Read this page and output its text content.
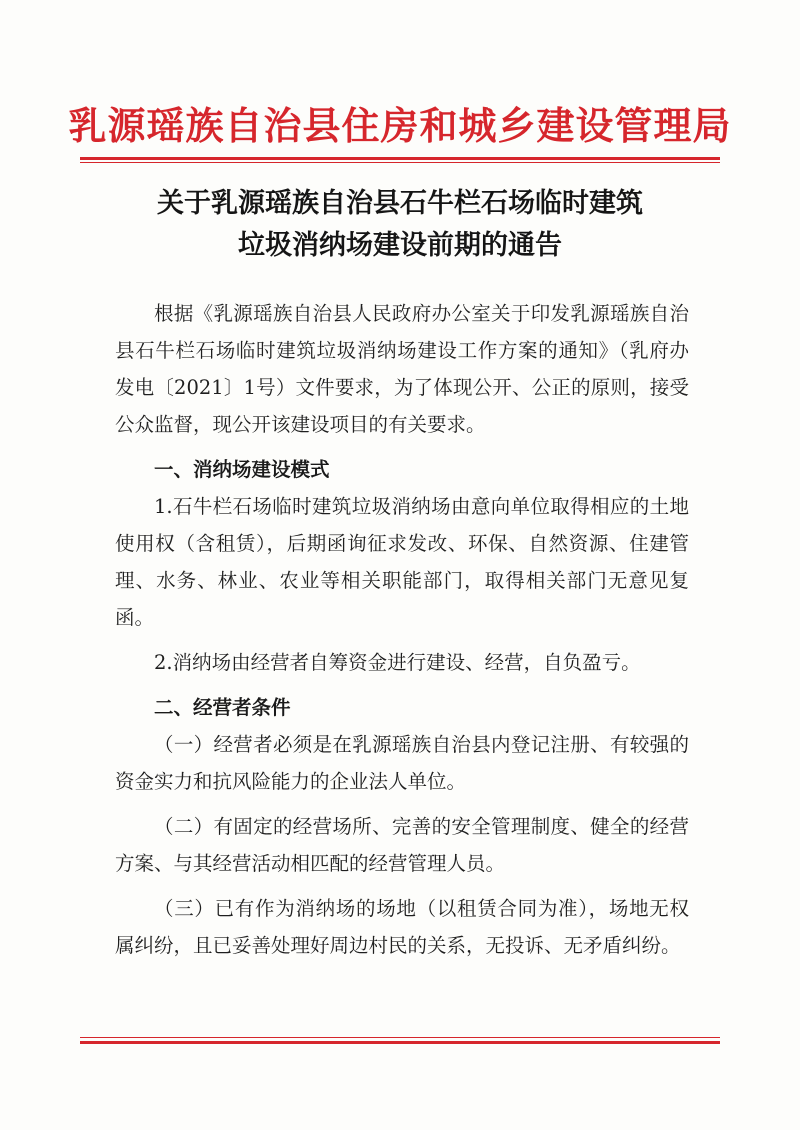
乳源瑶族自治县住房和城乡建设管理局
关于乳源瑶族自治县石牛栏石场临时建筑
垃圾消纳场建设前期的通告

根据《乳源瑶族自治县人民政府办公室关于印发乳源瑶族自治县石牛栏石场临时建筑垃圾消纳场建设工作方案的通知》（乳府办发电〔2021〕1号）文件要求，为了体现公开、公正的原则，接受公众监督，现公开该建设项目的有关要求。

一、消纳场建设模式

1.石牛栏石场临时建筑垃圾消纳场由意向单位取得相应的土地使用权（含租赁），后期函询征求发改、环保、自然资源、住建管理、水务、林业、农业等相关职能部门，取得相关部门无意见复函。

2.消纳场由经营者自筹资金进行建设、经营，自负盈亏。

二、经营者条件

（一）经营者必须是在乳源瑶族自治县内登记注册、有较强的资金实力和抗风险能力的企业法人单位。

（二）有固定的经营场所、完善的安全管理制度、健全的经营方案、与其经营活动相匹配的经营管理人员。

（三）已有作为消纳场的场地（以租赁合同为准），场地无权属纠纷，且已妥善处理好周边村民的关系，无投诉、无矛盾纠纷。
